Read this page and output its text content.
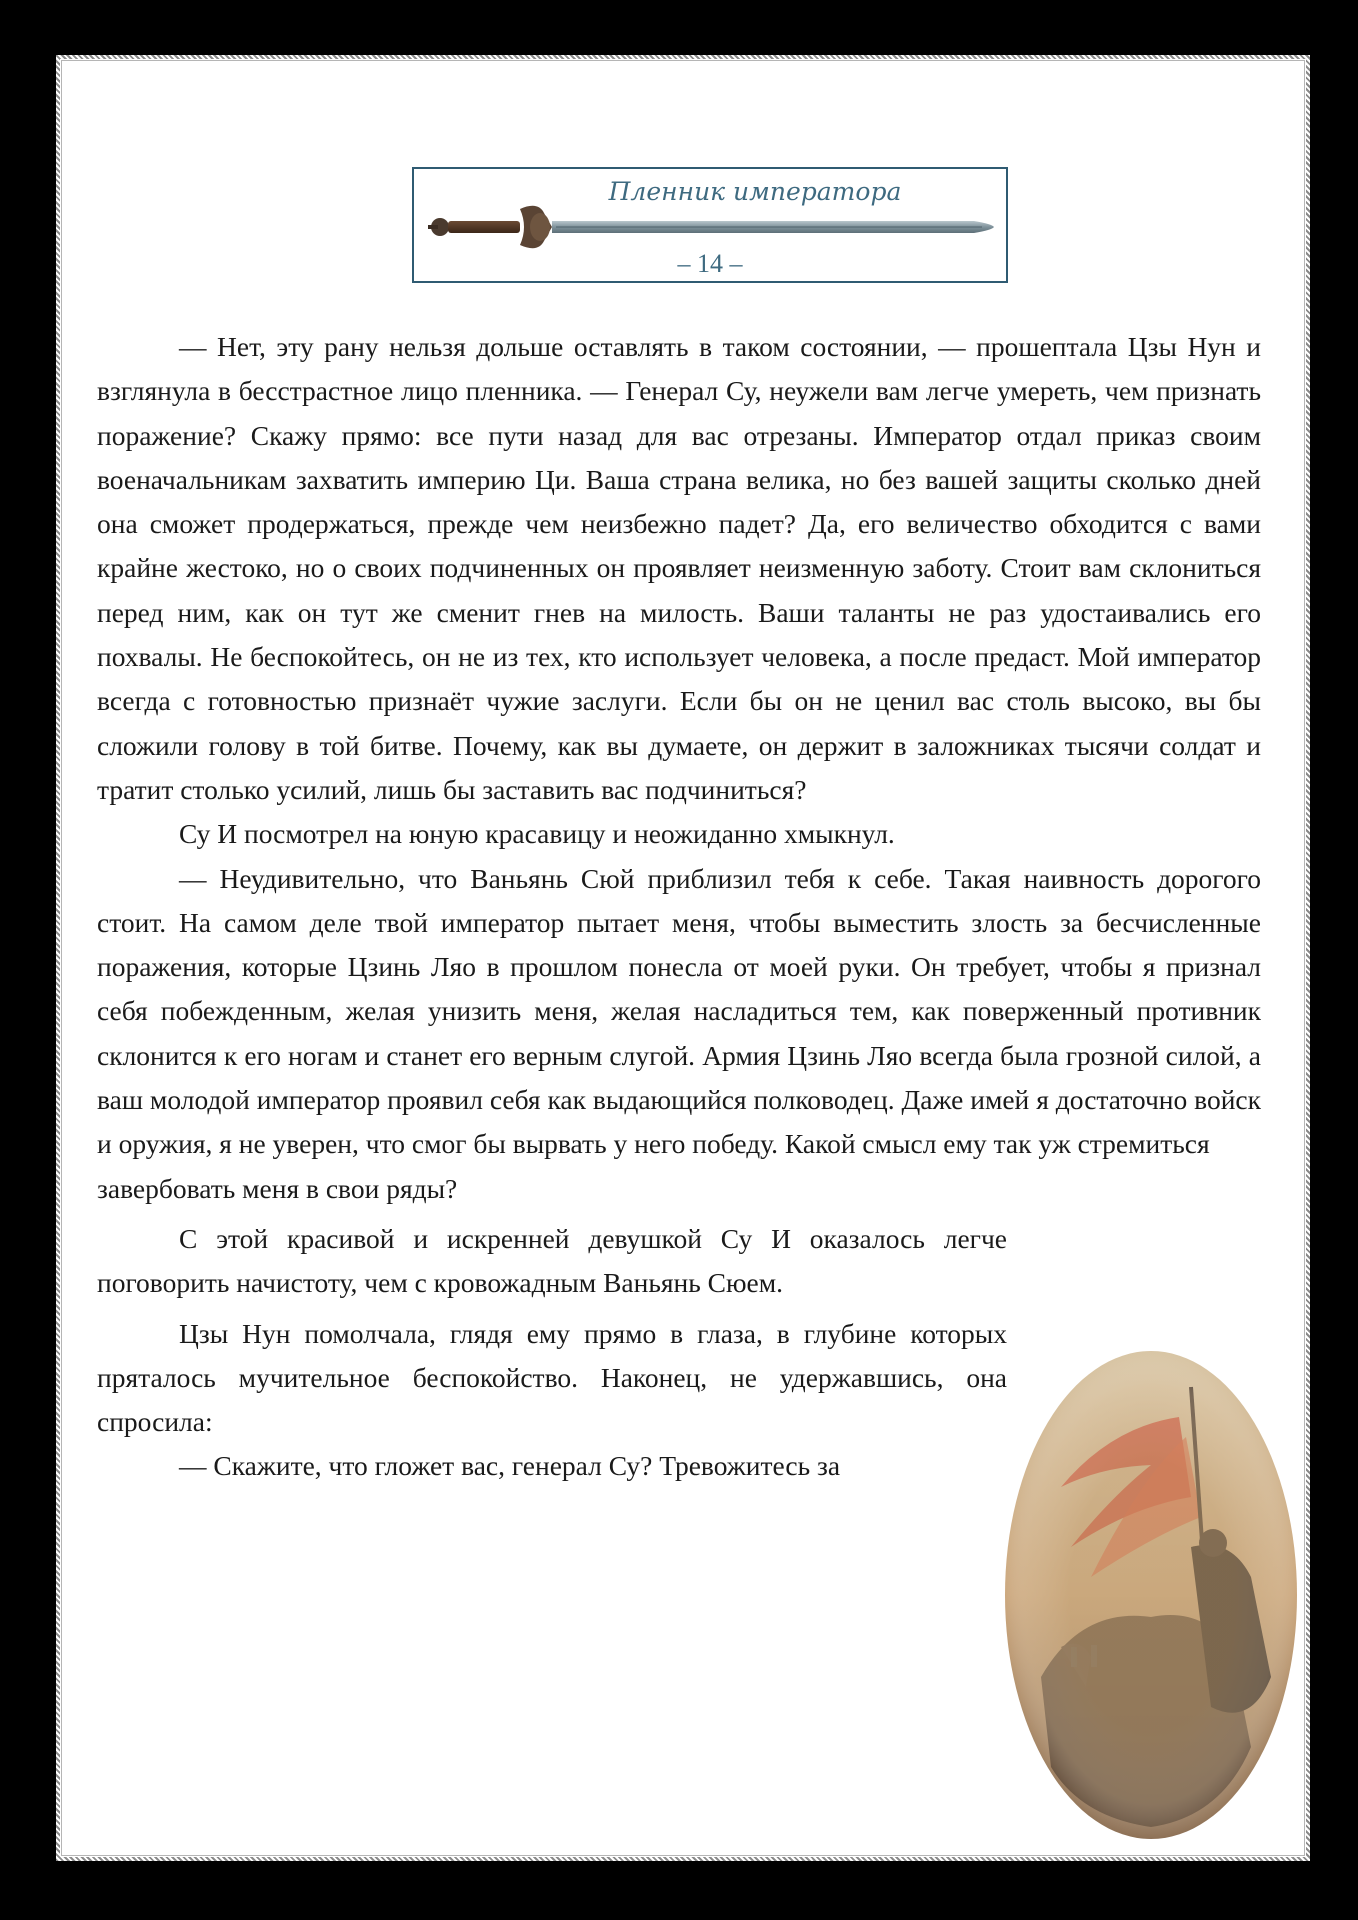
Пленник императора
– 14 –

— Нет, эту рану нельзя дольше оставлять в таком состоянии, — прошептала Цзы Нун и взглянула в бесстрастное лицо пленника. — Генерал Су, неужели вам легче умереть, чем признать поражение? Скажу прямо: все пути назад для вас отрезаны. Император отдал приказ своим военачальникам захватить империю Ци. Ваша страна велика, но без вашей защиты сколько дней она сможет продержаться, прежде чем неизбежно падет? Да, его величество обходится с вами крайне жестоко, но о своих подчиненных он проявляет неизменную заботу. Стоит вам склониться перед ним, как он тут же сменит гнев на милость. Ваши таланты не раз удостаивались его похвалы. Не беспокойтесь, он не из тех, кто использует человека, а после предаст. Мой император всегда с готовностью признаёт чужие заслуги. Если бы он не ценил вас столь высоко, вы бы сложили голову в той битве. Почему, как вы думаете, он держит в заложниках тысячи солдат и тратит столько усилий, лишь бы заставить вас подчиниться?

Су И посмотрел на юную красавицу и неожиданно хмыкнул.

— Неудивительно, что Ваньянь Сюй приблизил тебя к себе. Такая наивность дорогого стоит. На самом деле твой император пытает меня, чтобы выместить злость за бесчисленные поражения, которые Цзинь Ляо в прошлом понесла от моей руки. Он требует, чтобы я признал себя побежденным, желая унизить меня, желая насладиться тем, как поверженный противник склонится к его ногам и станет его верным слугой. Армия Цзинь Ляо всегда была грозной силой, а ваш молодой император проявил себя как выдающийся полководец. Даже имей я достаточно войск и оружия, я не уверен, что смог бы вырвать у него победу. Какой смысл ему так уж стремиться

завербовать меня в свои ряды?

С этой красивой и искренней девушкой Су И оказалось легче поговорить начистоту, чем с кровожадным Ваньянь Сюем.

Цзы Нун помолчала, глядя ему прямо в глаза, в глубине которых пряталось мучительное беспокойство. Наконец, не удержавшись, она спросила:

— Скажите, что гложет вас, генерал Су? Тревожитесь за
